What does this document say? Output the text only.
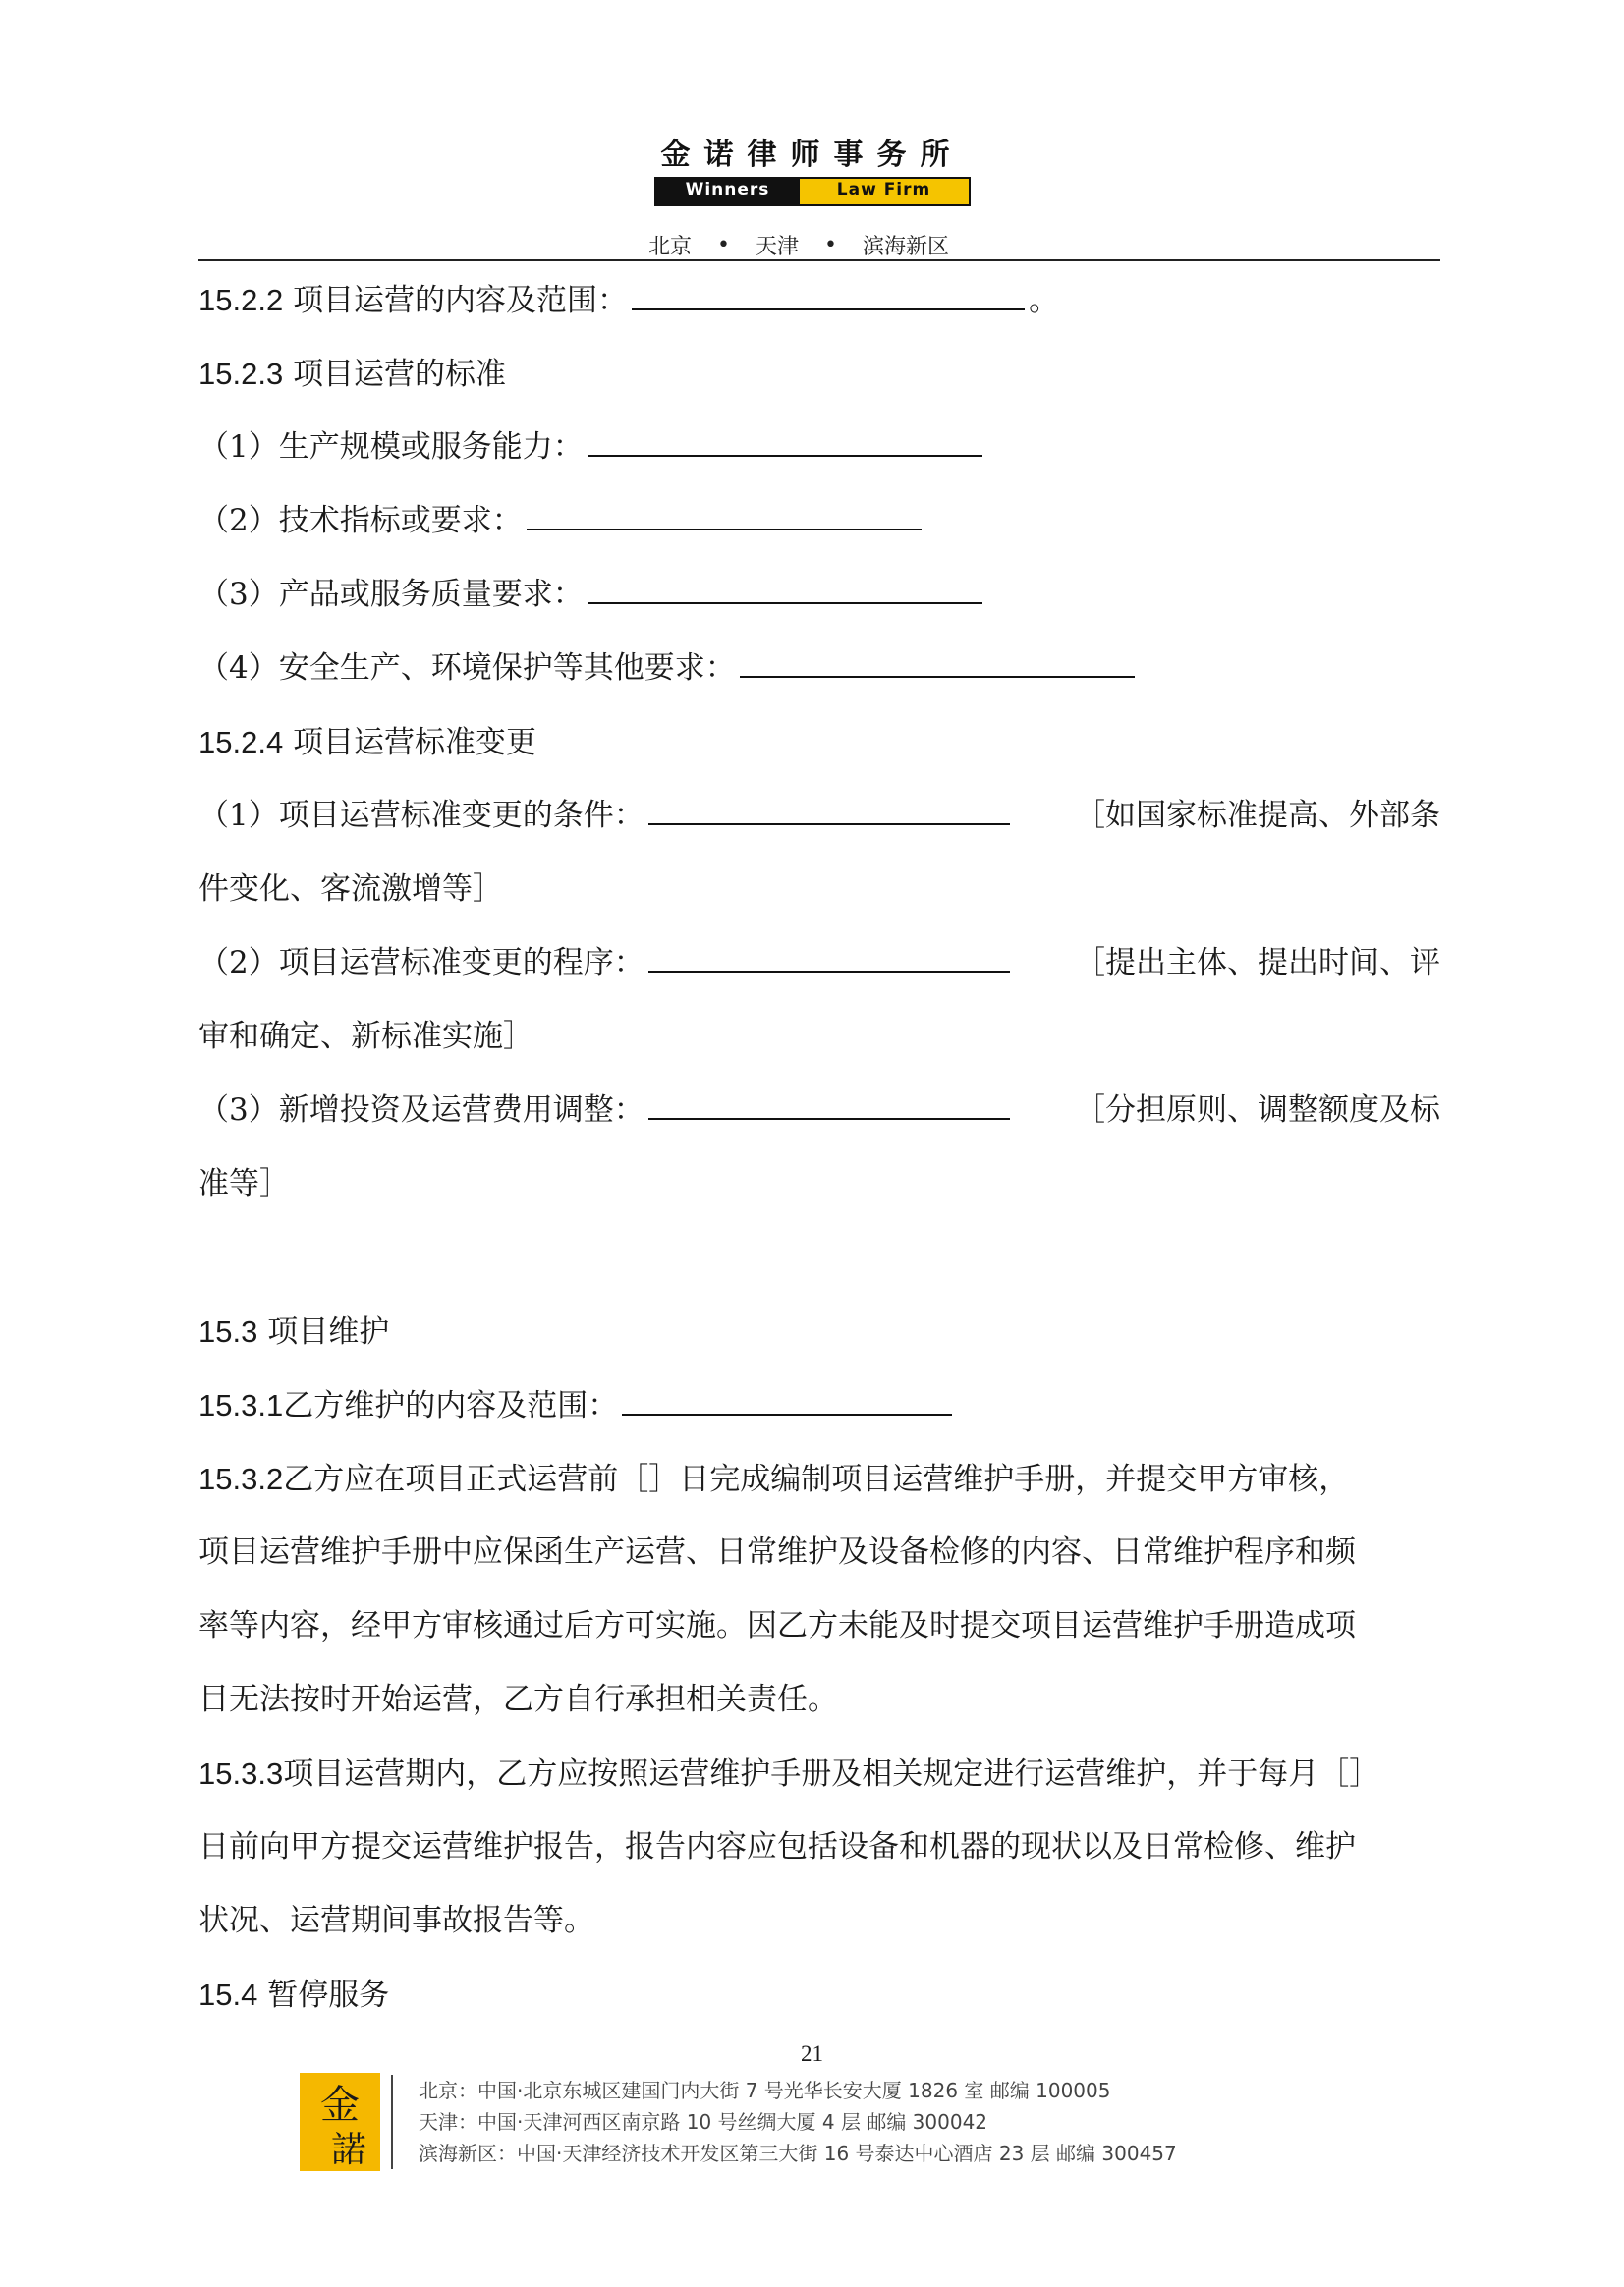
金诺律师事务所
Winners	Law Firm
北京 • 天津 • 滨海新区
15.2.2 项目运营的内容及范围：	。
15.2.3 项目运营的标准
（1）生产规模或服务能力：
（2）技术指标或要求：
（3）产品或服务质量要求：
（4）安全生产、环境保护等其他要求：
15.2.4 项目运营标准变更
（1）项目运营标准变更的条件：	［如国家标准提高、外部条
件变化、客流激增等］
（2）项目运营标准变更的程序：	［提出主体、提出时间、评
审和确定、新标准实施］
（3）新增投资及运营费用调整：	［分担原则、调整额度及标
准等］
15.3 项目维护
15.3.1乙方维护的内容及范围：
15.3.2乙方应在项目正式运营前［］日完成编制项目运营维护手册，并提交甲方审核，
项目运营维护手册中应保函生产运营、日常维护及设备检修的内容、日常维护程序和频
率等内容，经甲方审核通过后方可实施。因乙方未能及时提交项目运营维护手册造成项
目无法按时开始运营，乙方自行承担相关责任。
15.3.3项目运营期内，乙方应按照运营维护手册及相关规定进行运营维护，并于每月［］
日前向甲方提交运营维护报告，报告内容应包括设备和机器的现状以及日常检修、维护
状况、运营期间事故报告等。
15.4 暂停服务
21
金
諾
北京：中国·北京东城区建国门内大街 7 号光华长安大厦 1826 室 邮编 100005
天津：中国·天津河西区南京路 10 号丝绸大厦 4 层 邮编 300042
滨海新区：中国·天津经济技术开发区第三大街 16 号泰达中心酒店 23 层 邮编 300457
